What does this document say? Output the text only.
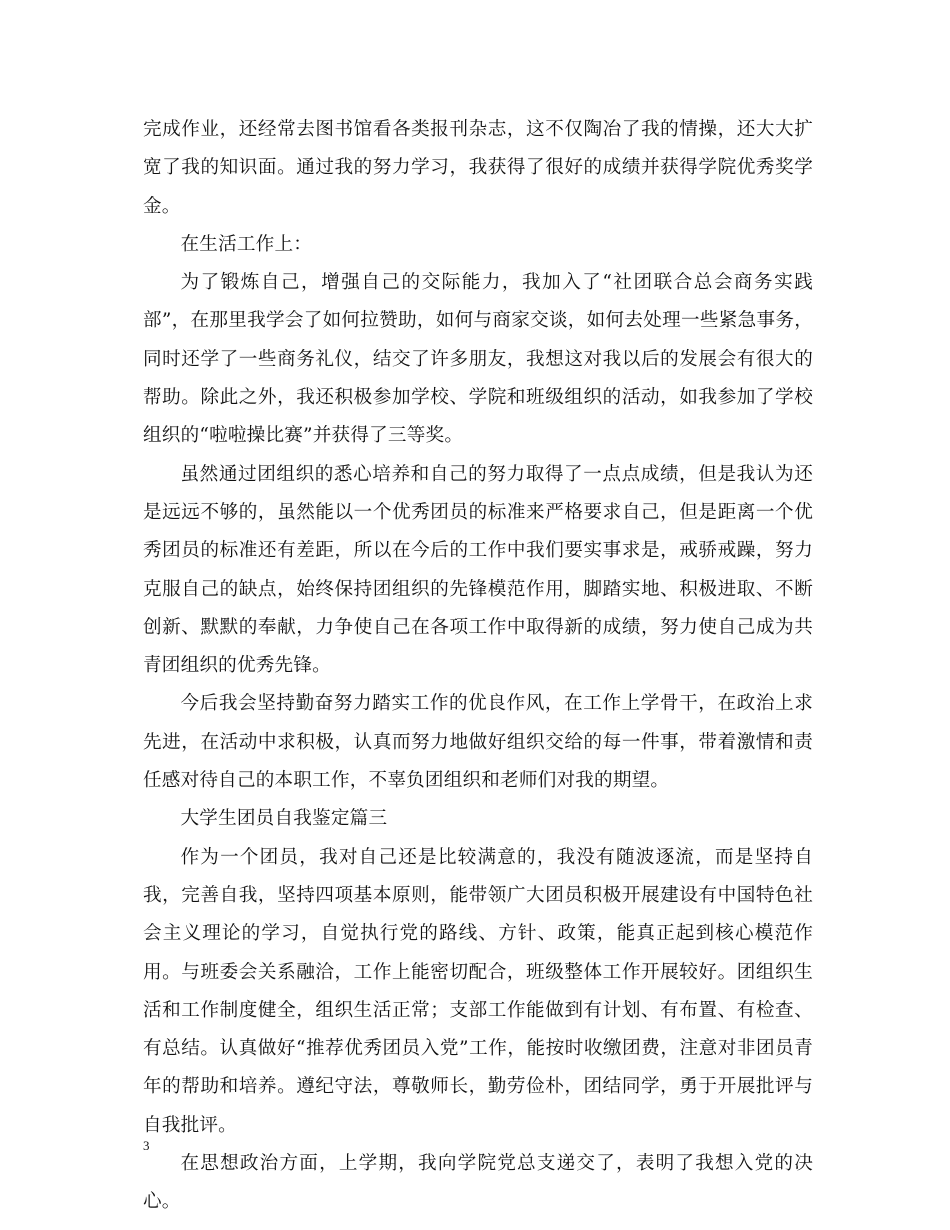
完成作业，还经常去图书馆看各类报刊杂志，这不仅陶冶了我的情操，还大大扩宽了我的知识面。通过我的努力学习，我获得了很好的成绩并获得学院优秀奖学金。

在生活工作上：

为了锻炼自己，增强自己的交际能力，我加入了“社团联合总会商务实践部”，在那里我学会了如何拉赞助，如何与商家交谈，如何去处理一些紧急事务，同时还学了一些商务礼仪，结交了许多朋友，我想这对我以后的发展会有很大的帮助。除此之外，我还积极参加学校、学院和班级组织的活动，如我参加了学校组织的“啦啦操比赛”并获得了三等奖。

虽然通过团组织的悉心培养和自己的努力取得了一点点成绩，但是我认为还是远远不够的，虽然能以一个优秀团员的标准来严格要求自己，但是距离一个优秀团员的标准还有差距，所以在今后的工作中我们要实事求是，戒骄戒躁，努力克服自己的缺点，始终保持团组织的先锋模范作用，脚踏实地、积极进取、不断创新、默默的奉献，力争使自己在各项工作中取得新的成绩，努力使自己成为共青团组织的优秀先锋。

今后我会坚持勤奋努力踏实工作的优良作风，在工作上学骨干，在政治上求先进，在活动中求积极，认真而努力地做好组织交给的每一件事，带着激情和责任感对待自己的本职工作，不辜负团组织和老师们对我的期望。

大学生团员自我鉴定篇三

作为一个团员，我对自己还是比较满意的，我没有随波逐流，而是坚持自我，完善自我，坚持四项基本原则，能带领广大团员积极开展建设有中国特色社会主义理论的学习，自觉执行党的路线、方针、政策，能真正起到核心模范作用。与班委会关系融洽，工作上能密切配合，班级整体工作开展较好。团组织生活和工作制度健全，组织生活正常；支部工作能做到有计划、有布置、有检查、有总结。认真做好“推荐优秀团员入党”工作，能按时收缴团费，注意对非团员青年的帮助和培养。遵纪守法，尊敬师长，勤劳俭朴，团结同学，勇于开展批评与自我批评。

在思想政治方面，上学期，我向学院党总支递交了，表明了我想入党的决心。

3
